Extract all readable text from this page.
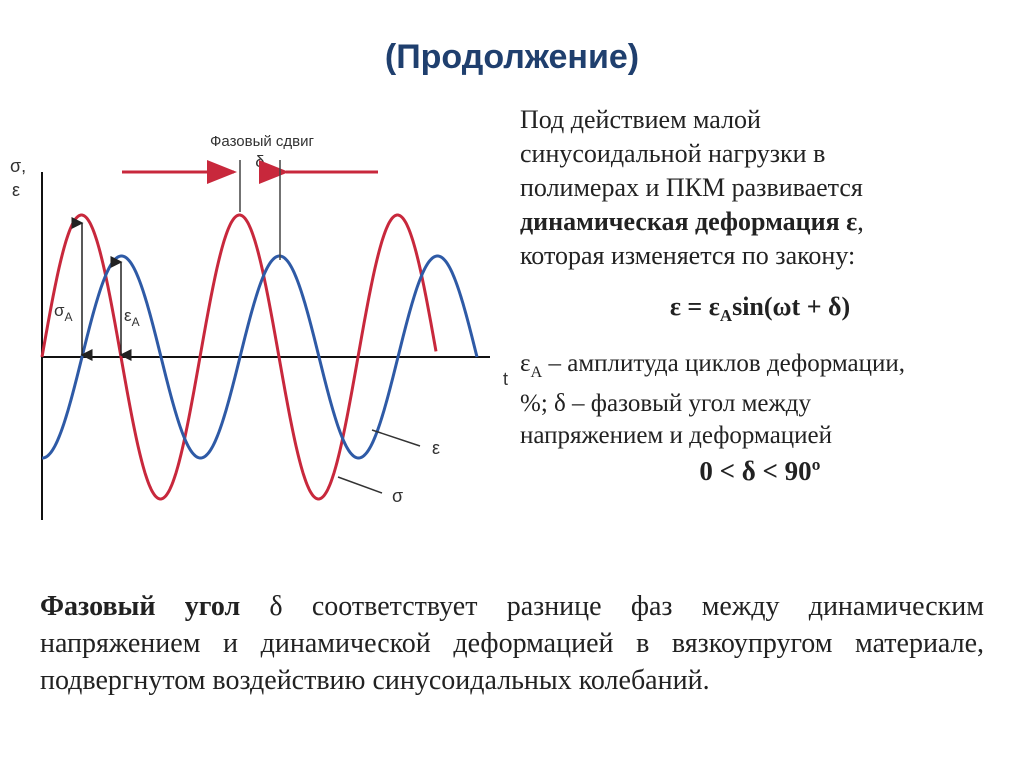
(Продолжение)
σ,
ε
t
Фазовый сдвиг
δ
$\sigma_A$	$\varepsilon_A$
ε
σ
Под действием малой
синусоидальной нагрузки в
полимерах и ПКМ развивается
динамическая деформация ε,
которая изменяется по закону:
$\varepsilon = \varepsilon_A\sin(\omega t + \delta)$
$\varepsilon_A$ – амплитуда циклов деформации,
%; δ – фазовый угол между
напряжением и деформацией
0 < δ < 90º
Фазовый угол δ соответствует разнице фаз между динамическим напряжением и динамической деформацией в вязкоупругом материале, подвергнутом воздействию синусоидальных колебаний.
